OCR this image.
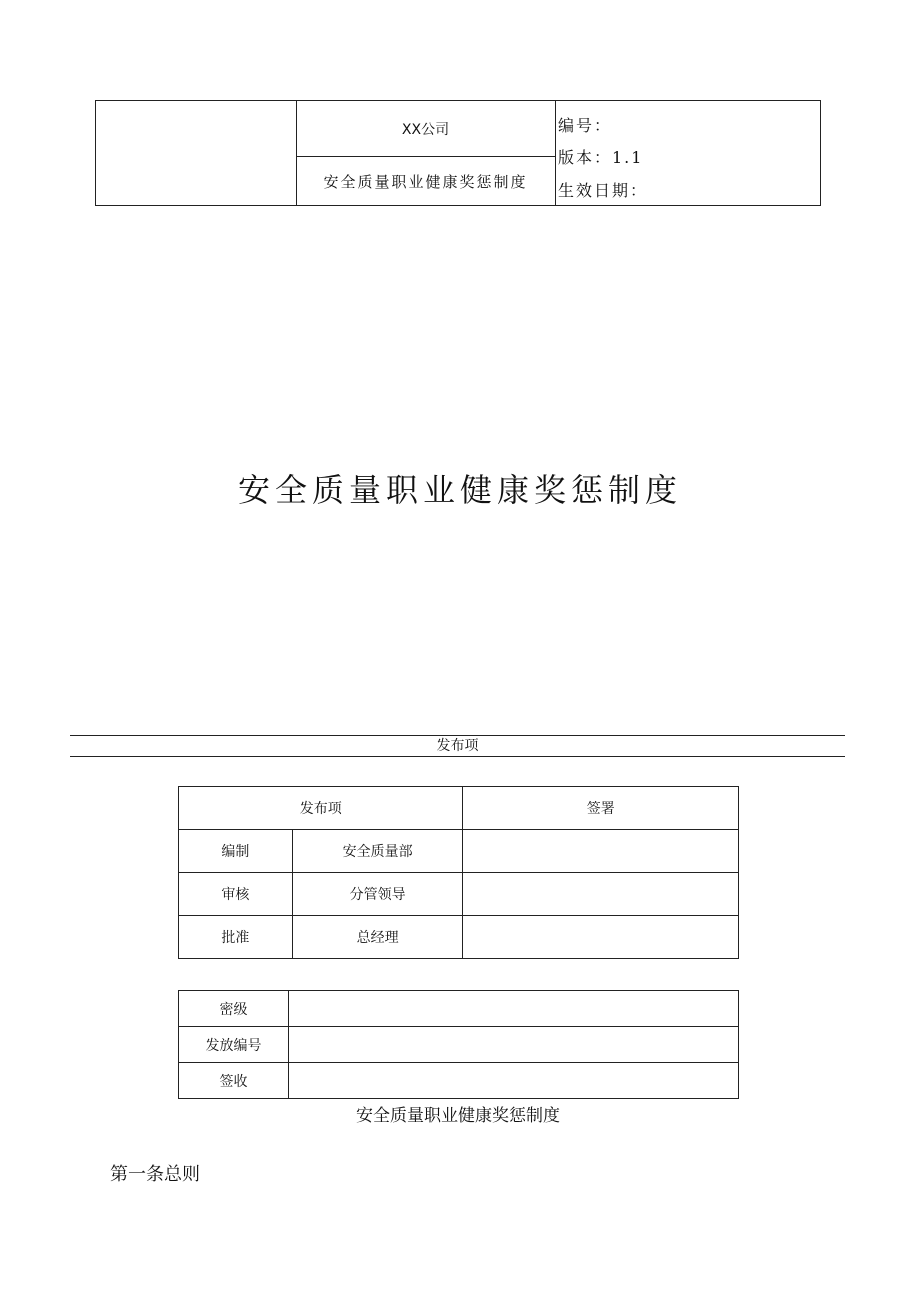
XX公司
安全质量职业健康奖惩制度
编号：
版本：1.1
生效日期：
安全质量职业健康奖惩制度
发布项
发布项		签署
编制	安全质量部	
审核	分管领导	
批准	总经理	
密级	
发放编号	
签收	
安全质量职业健康奖惩制度
第一条总则
